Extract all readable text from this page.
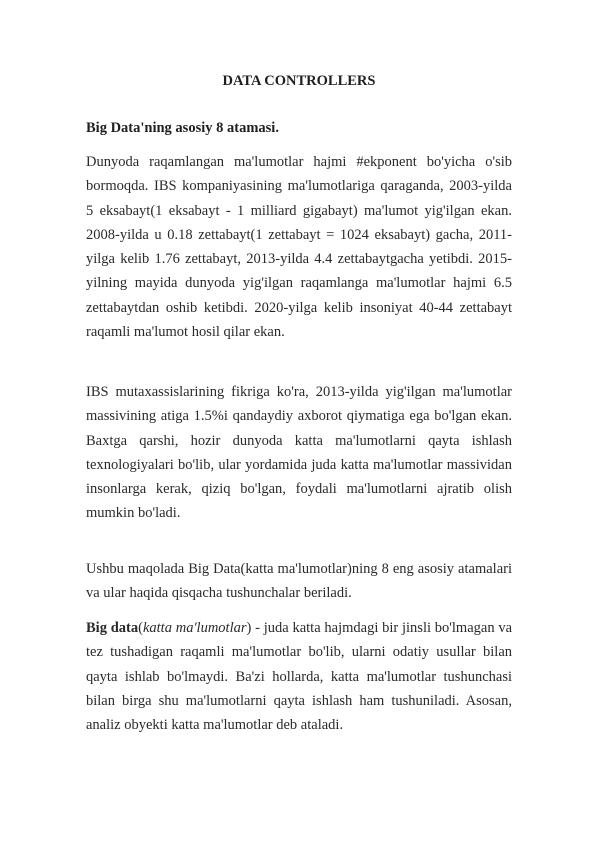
DATA CONTROLLERS
Big Data'ning asosiy 8 atamasi.

Dunyoda raqamlangan ma'lumotlar hajmi #ekponent bo'yicha o'sib bormoqda. IBS kompaniyasining ma'lumotlariga qaraganda, 2003-yilda 5 eksabayt(1 eksabayt - 1 milliard gigabayt) ma'lumot yig'ilgan ekan. 2008-yilda u 0.18 zettabayt(1 zettabayt = 1024 eksabayt) gacha, 2011-yilga kelib 1.76 zettabayt, 2013-yilda 4.4 zettabaytgacha yetibdi. 2015-yilning mayida dunyoda yig'ilgan raqamlanga ma'lumotlar hajmi 6.5 zettabaytdan oshib ketibdi. 2020-yilga kelib insoniyat 40-44 zettabayt raqamli ma'lumot hosil qilar ekan.

IBS mutaxassislarining fikriga ko'ra, 2013-yilda yig'ilgan ma'lumotlar massivining atiga 1.5%i qandaydiy axborot qiymatiga ega bo'lgan ekan. Baxtga qarshi, hozir dunyoda katta ma'lumotlarni qayta ishlash texnologiyalari bo'lib, ular yordamida juda katta ma'lumotlar massividan insonlarga kerak, qiziq bo'lgan, foydali ma'lumotlarni ajratib olish mumkin bo'ladi.

Ushbu maqolada Big Data(katta ma'lumotlar)ning 8 eng asosiy atamalari va ular haqida qisqacha tushunchalar beriladi.

Big data(katta ma'lumotlar) - juda katta hajmdagi bir jinsli bo'lmagan va tez tushadigan raqamli ma'lumotlar bo'lib, ularni odatiy usullar bilan qayta ishlab bo'lmaydi. Ba'zi hollarda, katta ma'lumotlar tushunchasi bilan birga shu ma'lumotlarni qayta ishlash ham tushuniladi. Asosan, analiz obyekti katta ma'lumotlar deb ataladi.
